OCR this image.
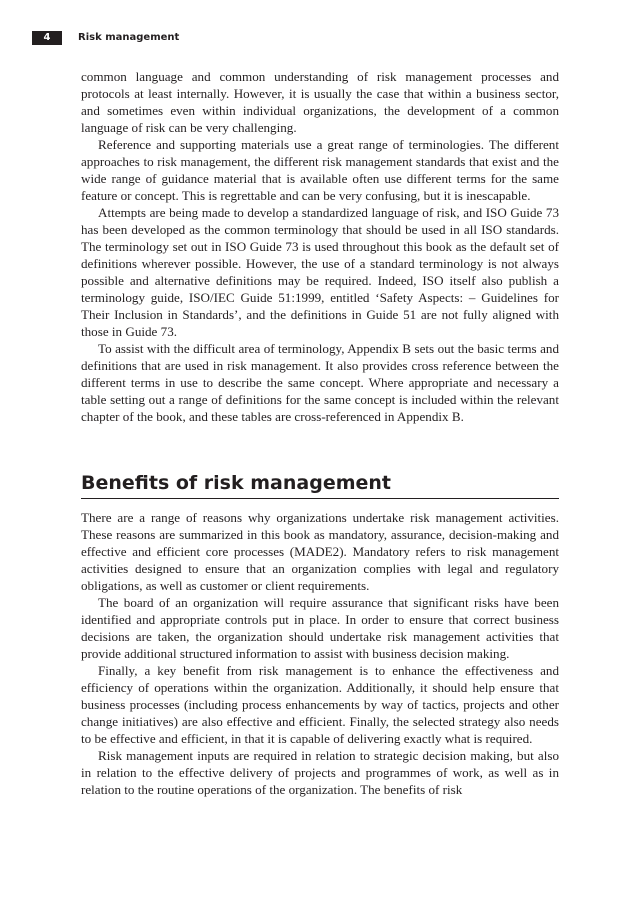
4	Risk management

common language and common understanding of risk management processes and protocols at least internally. However, it is usually the case that within a business sector, and sometimes even within individual organizations, the development of a common language of risk can be very challenging.

Reference and supporting materials use a great range of terminologies. The different approaches to risk management, the different risk management standards that exist and the wide range of guidance material that is available often use different terms for the same feature or concept. This is regrettable and can be very confusing, but it is inescapable.

Attempts are being made to develop a standardized language of risk, and ISO Guide 73 has been developed as the common terminology that should be used in all ISO standards. The terminology set out in ISO Guide 73 is used throughout this book as the default set of definitions wherever possible. However, the use of a standard terminology is not always possible and alternative definitions may be required. Indeed, ISO itself also publish a terminology guide, ISO/IEC Guide 51:1999, entitled ‘Safety Aspects: – Guidelines for Their Inclusion in Standards’, and the definitions in Guide 51 are not fully aligned with those in Guide 73.

To assist with the difficult area of terminology, Appendix B sets out the basic terms and definitions that are used in risk management. It also provides cross reference between the different terms in use to describe the same concept. Where appropriate and necessary a table setting out a range of definitions for the same concept is included within the relevant chapter of the book, and these tables are cross-referenced in Appendix B.

Benefits of risk management

There are a range of reasons why organizations undertake risk management activities. These reasons are summarized in this book as mandatory, assurance, decision-making and effective and efficient core processes (MADE2). Mandatory refers to risk management activities designed to ensure that an organization complies with legal and regulatory obligations, as well as customer or client requirements.

The board of an organization will require assurance that significant risks have been identified and appropriate controls put in place. In order to ensure that correct business decisions are taken, the organization should undertake risk management activities that provide additional structured information to assist with business decision making.

Finally, a key benefit from risk management is to enhance the effectiveness and efficiency of operations within the organization. Additionally, it should help ensure that business processes (including process enhancements by way of tactics, projects and other change initiatives) are also effective and efficient. Finally, the selected strategy also needs to be effective and efficient, in that it is capable of delivering exactly what is required.

Risk management inputs are required in relation to strategic decision making, but also in relation to the effective delivery of projects and programmes of work, as well as in relation to the routine operations of the organization. The benefits of risk
